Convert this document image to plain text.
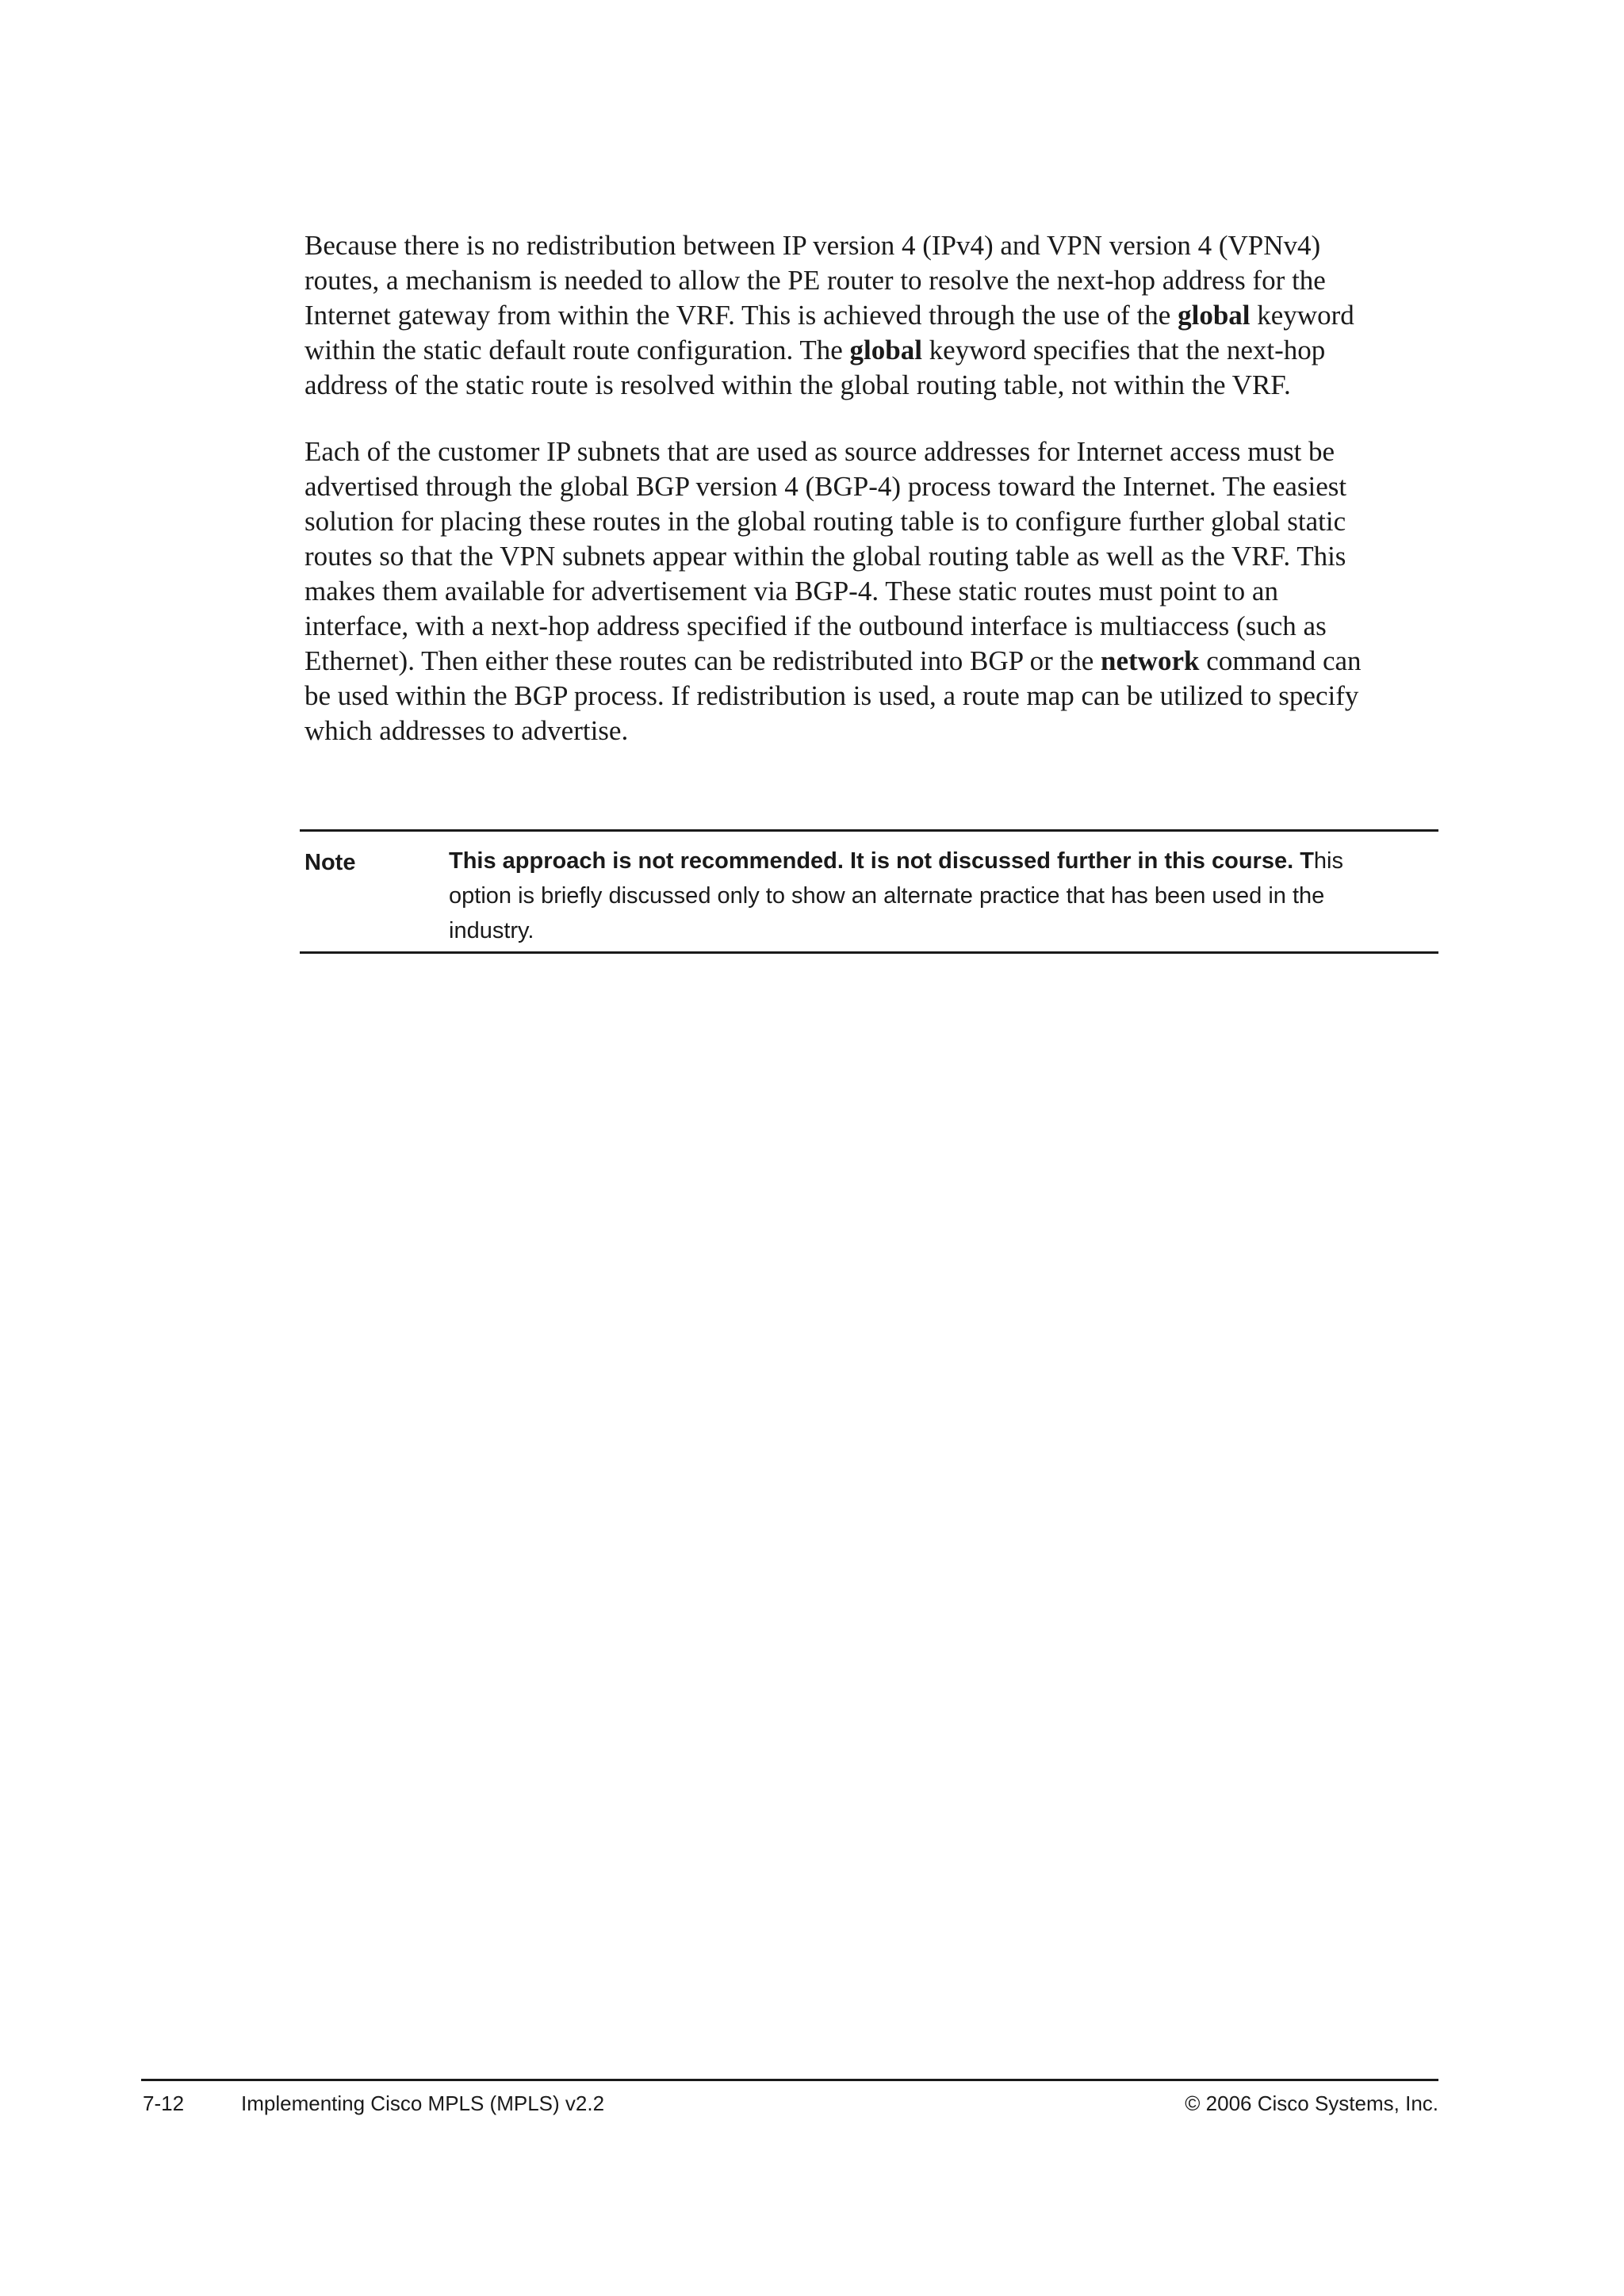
Because there is no redistribution between IP version 4 (IPv4) and VPN version 4 (VPNv4)
routes, a mechanism is needed to allow the PE router to resolve the next-hop address for the
Internet gateway from within the VRF. This is achieved through the use of the global keyword
within the static default route configuration. The global keyword specifies that the next-hop
address of the static route is resolved within the global routing table, not within the VRF.

Each of the customer IP subnets that are used as source addresses for Internet access must be
advertised through the global BGP version 4 (BGP-4) process toward the Internet. The easiest
solution for placing these routes in the global routing table is to configure further global static
routes so that the VPN subnets appear within the global routing table as well as the VRF. This
makes them available for advertisement via BGP-4. These static routes must point to an
interface, with a next-hop address specified if the outbound interface is multiaccess (such as
Ethernet). Then either these routes can be redistributed into BGP or the network command can
be used within the BGP process. If redistribution is used, a route map can be utilized to specify
which addresses to advertise.

Note	This approach is not recommended. It is not discussed further in this course. This
option is briefly discussed only to show an alternate practice that has been used in the
industry.
7-12	Implementing Cisco MPLS (MPLS) v2.2	© 2006 Cisco Systems, Inc.
